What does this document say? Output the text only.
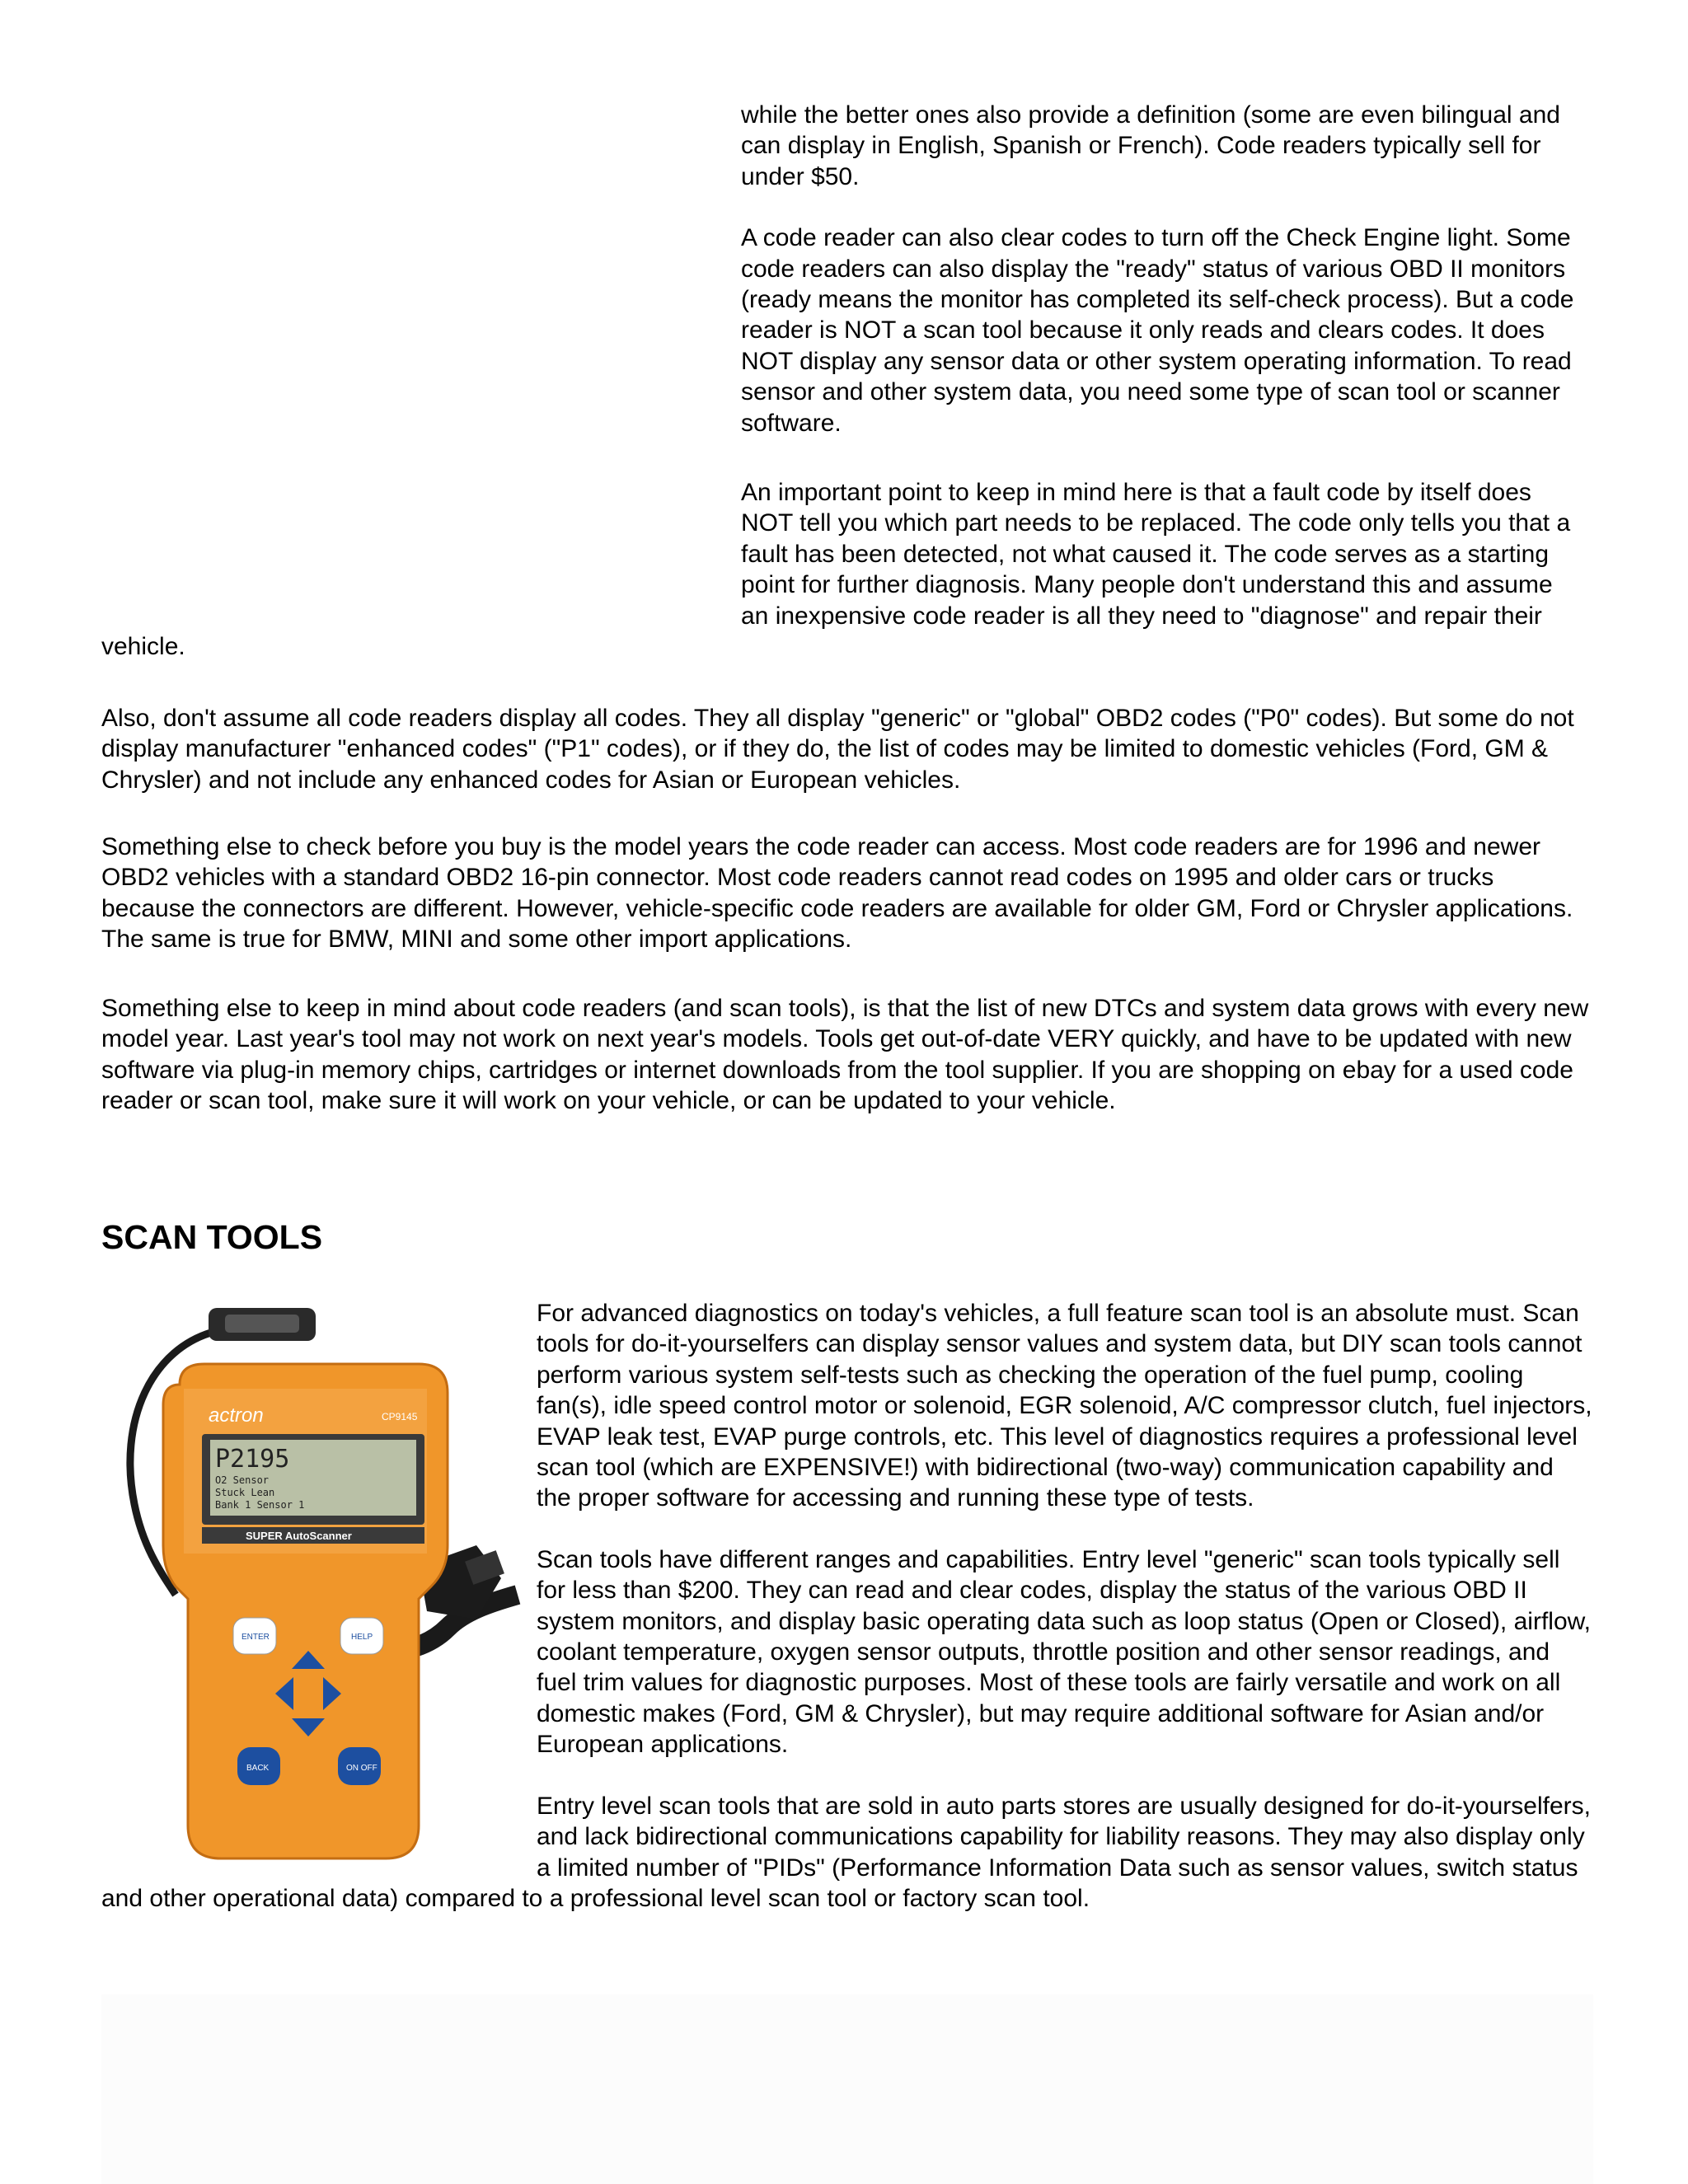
while the better ones also provide a definition (some are even bilingual and can display in English, Spanish or French). Code readers typically sell for under $50.

A code reader can also clear codes to turn off the Check Engine light. Some code readers can also display the "ready" status of various OBD II monitors (ready means the monitor has completed its self-check process). But a code reader is NOT a scan tool because it only reads and clears codes. It does NOT display any sensor data or other system operating information. To read sensor and other system data, you need some type of scan tool or scanner software.

An important point to keep in mind here is that a fault code by itself does NOT tell you which part needs to be replaced. The code only tells you that a fault has been detected, not what caused it. The code serves as a starting point for further diagnosis. Many people don't understand this and assume an inexpensive code reader is all they need to "diagnose" and repair their vehicle.

Also, don't assume all code readers display all codes. They all display "generic" or "global" OBD2 codes ("P0" codes). But some do not display manufacturer "enhanced codes" ("P1" codes), or if they do, the list of codes may be limited to domestic vehicles (Ford, GM & Chrysler) and not include any enhanced codes for Asian or European vehicles.

Something else to check before you buy is the model years the code reader can access. Most code readers are for 1996 and newer OBD2 vehicles with a standard OBD2 16-pin connector. Most code readers cannot read codes on 1995 and older cars or trucks because the connectors are different. However, vehicle-specific code readers are available for older GM, Ford or Chrysler applications. The same is true for BMW, MINI and some other import applications.

Something else to keep in mind about code readers (and scan tools), is that the list of new DTCs and system data grows with every new model year. Last year's tool may not work on next year's models. Tools get out-of-date VERY quickly, and have to be updated with new software via plug-in memory chips, cartridges or internet downloads from the tool supplier. If you are shopping on ebay for a used code reader or scan tool, make sure it will work on your vehicle, or can be updated to your vehicle.

SCAN TOOLS
actron	CP9145
P2195
O2 Sensor
Stuck Lean
Bank 1 Sensor 1
SUPER AutoScanner
ENTER	HELP
BACK	ON OFF

For advanced diagnostics on today's vehicles, a full feature scan tool is an absolute must. Scan tools for do-it-yourselfers can display sensor values and system data, but DIY scan tools cannot perform various system self-tests such as checking the operation of the fuel pump, cooling fan(s), idle speed control motor or solenoid, EGR solenoid, A/C compressor clutch, fuel injectors, EVAP leak test, EVAP purge controls, etc. This level of diagnostics requires a professional level scan tool (which are EXPENSIVE!) with bidirectional (two-way) communication capability and the proper software for accessing and running these type of tests.

Scan tools have different ranges and capabilities. Entry level "generic" scan tools typically sell for less than $200. They can read and clear codes, display the status of the various OBD II system monitors, and display basic operating data such as loop status (Open or Closed), airflow, coolant temperature, oxygen sensor outputs, throttle position and other sensor readings, and fuel trim values for diagnostic purposes. Most of these tools are fairly versatile and work on all domestic makes (Ford, GM & Chrysler), but may require additional software for Asian and/or European applications.

Entry level scan tools that are sold in auto parts stores are usually designed for do-it-yourselfers, and lack bidirectional communications capability for liability reasons. They may also display only a limited number of "PIDs" (Performance Information Data such as sensor values, switch status and other operational data) compared to a professional level scan tool or factory scan tool.
